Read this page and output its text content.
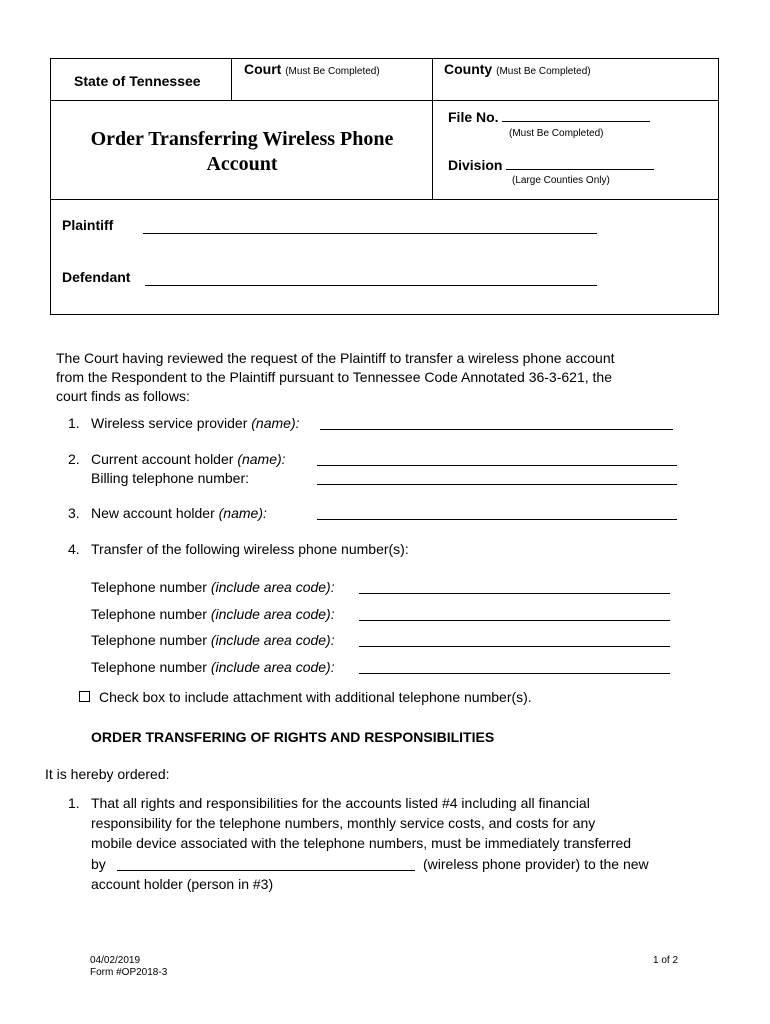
State of Tennessee
Court (Must Be Completed)	County (Must Be Completed)
Order Transferring Wireless Phone
Account
File No.
(Must Be Completed)
Division
(Large Counties Only)
Plaintiff
Defendant
The Court having reviewed the request of the Plaintiff to transfer a wireless phone account
from the Respondent to the Plaintiff pursuant to Tennessee Code Annotated 36-3-621, the
court finds as follows:
1. Wireless service provider (name):
2. Current account holder (name):
Billing telephone number:
3. New account holder (name):
4. Transfer of the following wireless phone number(s):
Telephone number (include area code):
Telephone number (include area code):
Telephone number (include area code):
Telephone number (include area code):
Check box to include attachment with additional telephone number(s).
ORDER TRANSFERING OF RIGHTS AND RESPONSIBILITIES
It is hereby ordered:
1. That all rights and responsibilities for the accounts listed #4 including all financial
responsibility for the telephone numbers, monthly service costs, and costs for any
mobile device associated with the telephone numbers, must be immediately transferred
by	(wireless phone provider) to the new
account holder (person in #3)
04/02/2019
Form #OP2018-3
1 of 2
